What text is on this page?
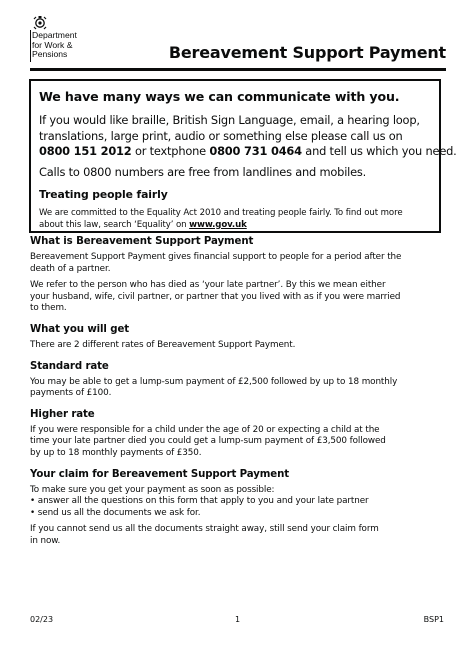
Department
for Work &
Pensions	Bereavement Support Payment
We have many ways we can communicate with you.

If you would like braille, British Sign Language, email, a hearing loop,
translations, large print, audio or something else please call us on
0800 151 2012 or textphone 0800 731 0464 and tell us which you need.

Calls to 0800 numbers are free from landlines and mobiles.

Treating people fairly

We are committed to the Equality Act 2010 and treating people fairly. To find out more
about this law, search ‘Equality’ on www.gov.uk

What is Bereavement Support Payment

Bereavement Support Payment gives financial support to people for a period after the
death of a partner.

We refer to the person who has died as ‘your late partner’. By this we mean either
your husband, wife, civil partner, or partner that you lived with as if you were married
to them.

What you will get

There are 2 different rates of Bereavement Support Payment.

Standard rate

You may be able to get a lump-sum payment of £2,500 followed by up to 18 monthly
payments of £100.

Higher rate

If you were responsible for a child under the age of 20 or expecting a child at the
time your late partner died you could get a lump-sum payment of £3,500 followed
by up to 18 monthly payments of £350.

Your claim for Bereavement Support Payment

To make sure you get your payment as soon as possible:
• answer all the questions on this form that apply to you and your late partner
• send us all the documents we ask for.

If you cannot send us all the documents straight away, still send your claim form
in now.

02/23	1	BSP1
